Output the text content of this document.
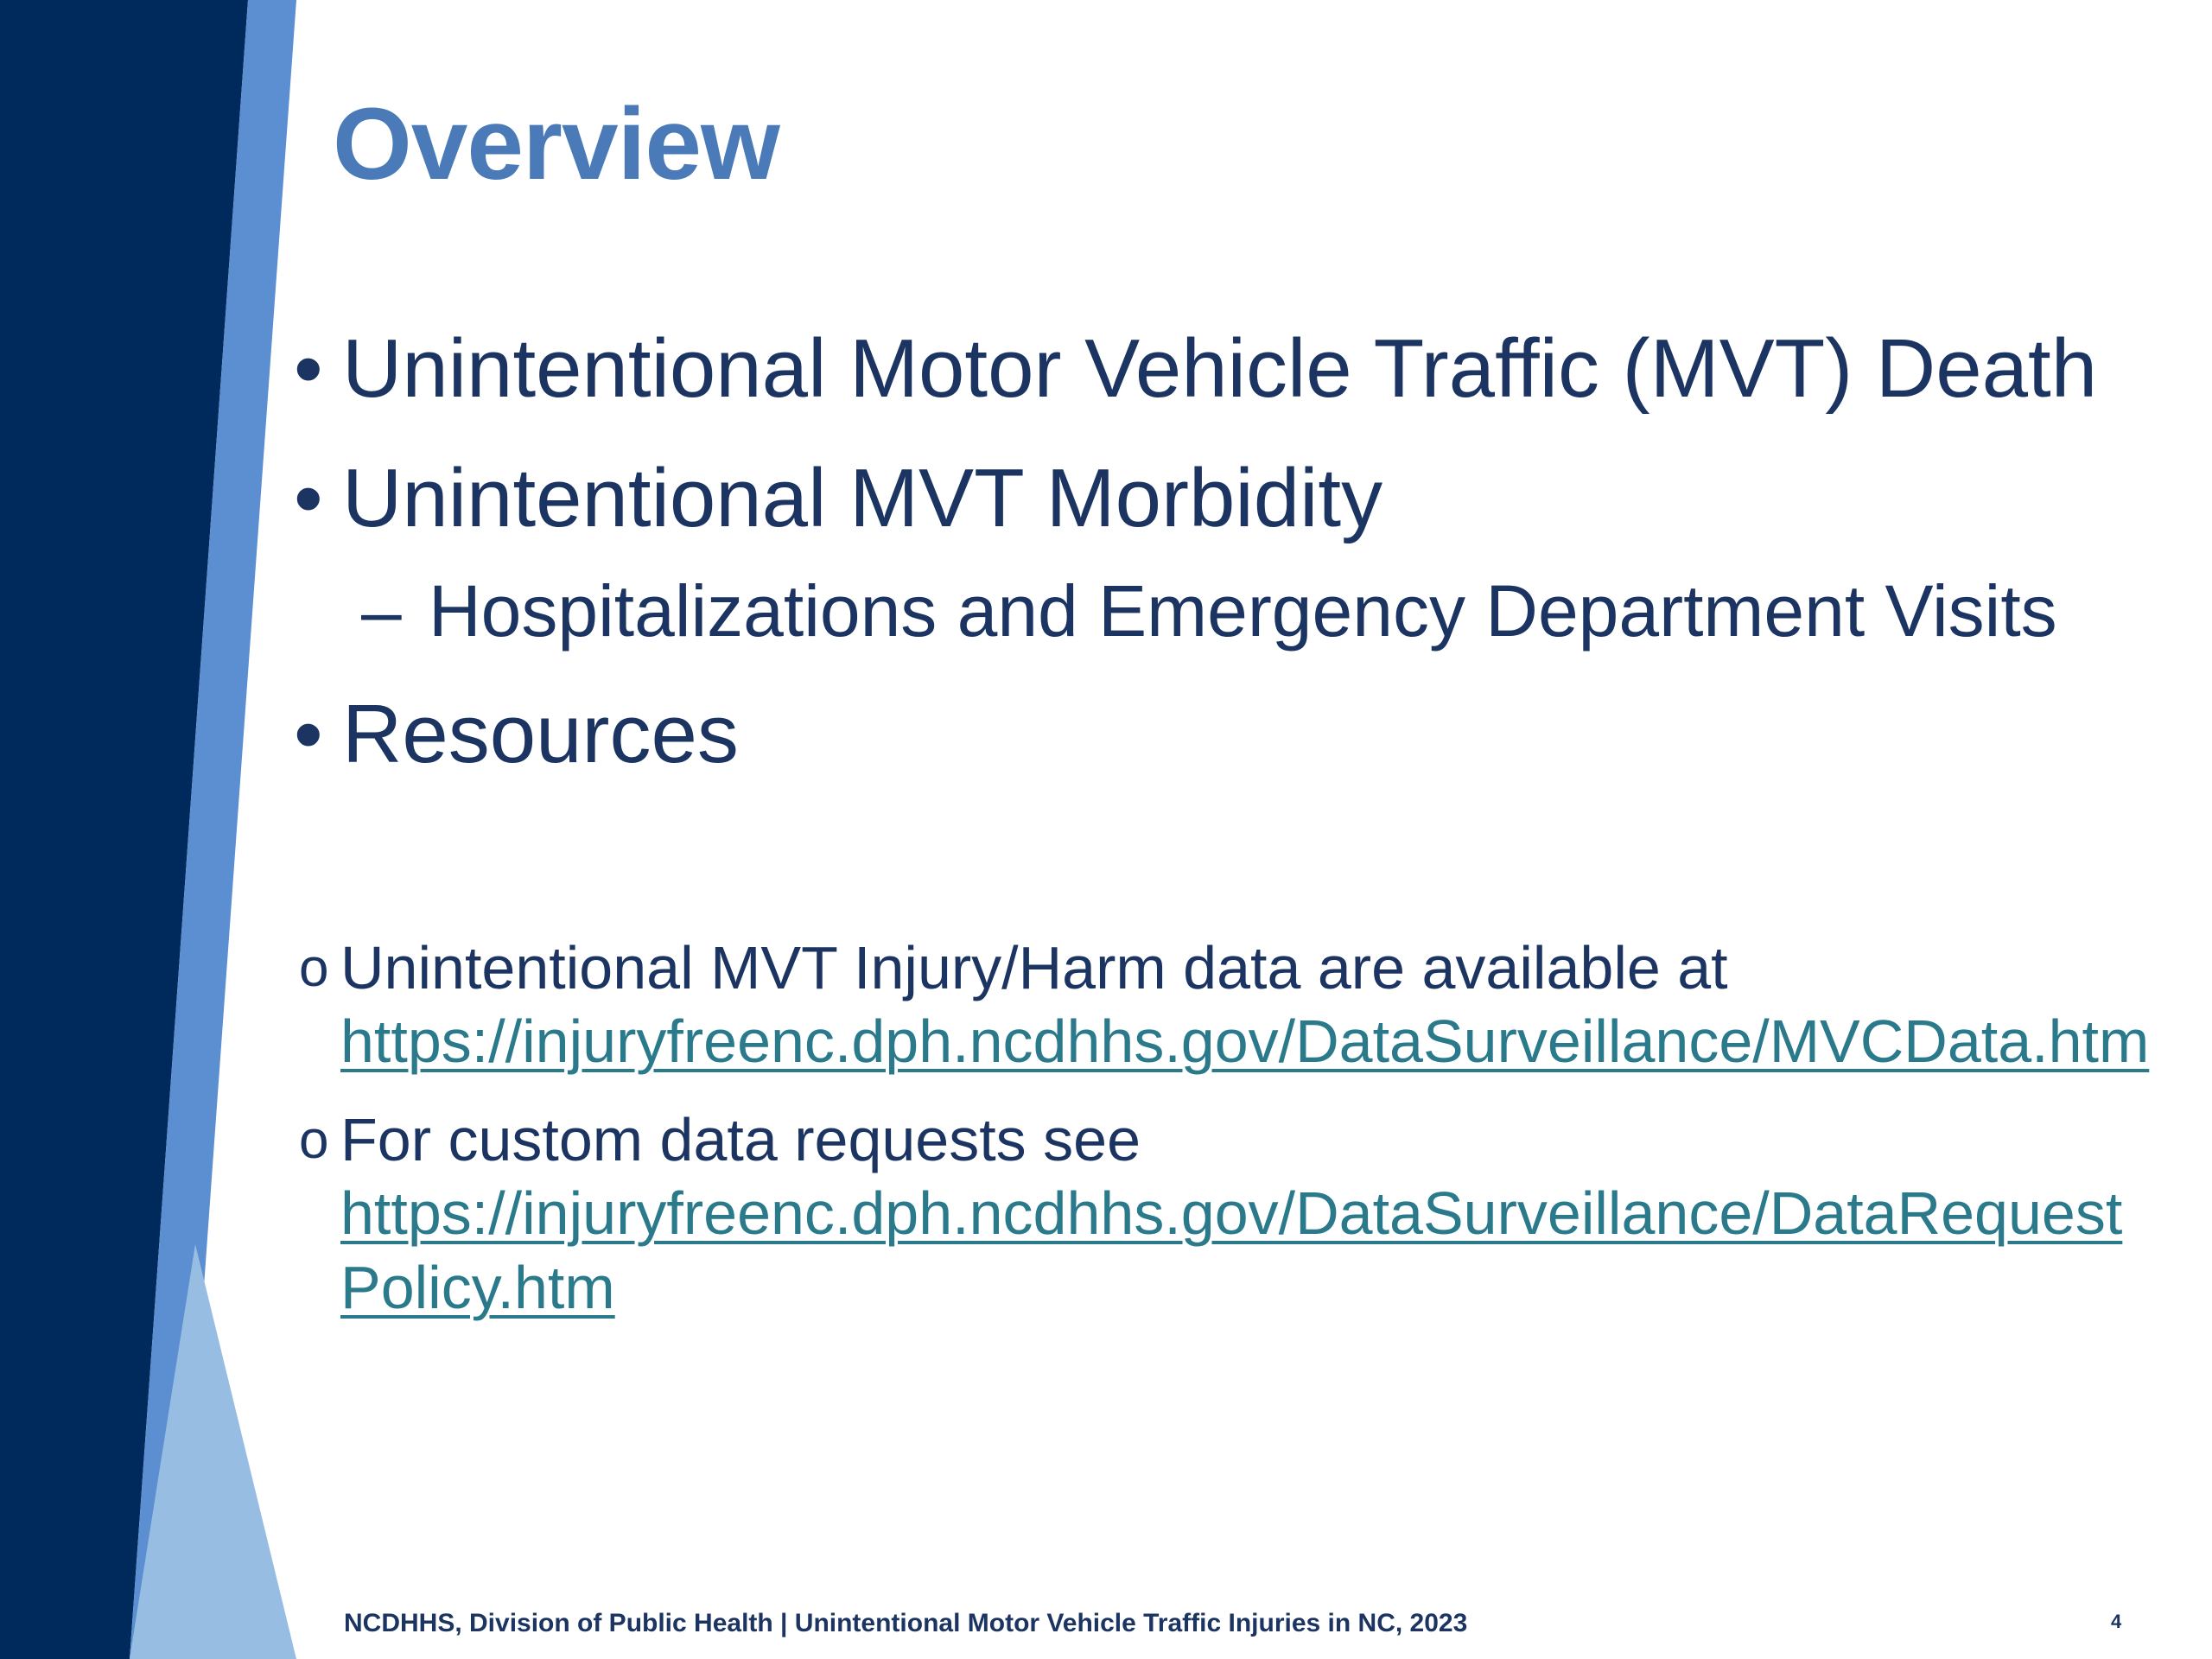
Overview
• Unintentional Motor Vehicle Traffic (MVT) Death
• Unintentional MVT Morbidity
– Hospitalizations and Emergency Department Visits
• Resources
o Unintentional MVT Injury/Harm data are available at
https://injuryfreenc.dph.ncdhhs.gov/DataSurveillance/MVCData.htm
o For custom data requests see
https://injuryfreenc.dph.ncdhhs.gov/DataSurveillance/DataRequest
Policy.htm
NCDHHS, Division of Public Health | Unintentional Motor Vehicle Traffic Injuries in NC, 2023	4
